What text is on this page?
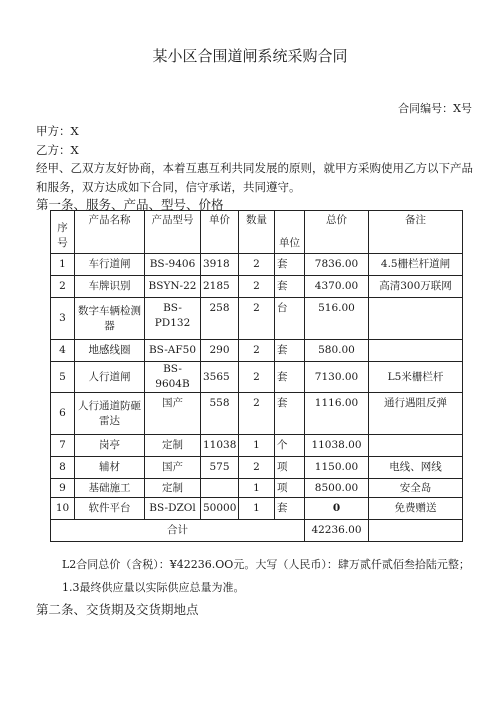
某小区合围道闸系统采购合同
合同编号：X号
甲方：X
乙方：X
经甲、乙双方友好协商，本着互惠互利共同发展的原则，就甲方采购使用乙方以下产品
和服务，双方达成如下合同，信守承诺，共同遵守。
第一条、服务、产品、型号、价格
序号	产品名称	产品型号	单价	数量	单位	总价	备注
1	车行道闸	BS-9406	3918	2	套	7836.00	4.5栅栏杆道闸
2	车牌识别	BSYN-22	2185	2	套	4370.00	高清300万联网
3	数字车辆检测器	BS-PD132	258	2	台	516.00	
4	地感线圈	BS-AF50	290	2	套	580.00	
5	人行道闸	BS-9604B	3565	2	套	7130.00	L5米栅栏杆
6	人行通道防砸雷达	国产	558	2	套	1116.00	通行遇阻反弹
7	岗亭	定制	11038	1	个	11038.00	
8	辅材	国产	575	2	项	1150.00	电线、网线
9	基础施工	定制		1	项	8500.00	安全岛
10	软件平台	BS-DZOl	50000	1	套	0	免费赠送
合计						42236.00	
L2合同总价（含税）：¥42236.OO元。大写（人民币）：肆万贰仟贰佰叁拾陆元整；
1.3最终供应量以实际供应总量为准。
第二条、交货期及交货期地点
